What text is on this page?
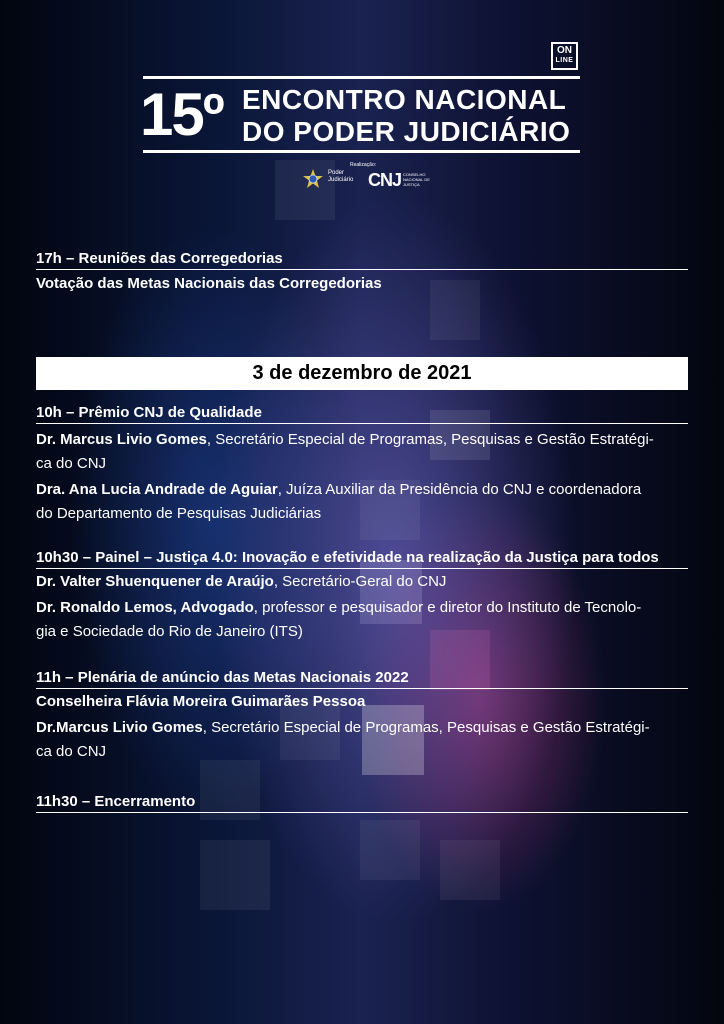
ON
LINE
15º ENCONTRO NACIONAL
DO PODER JUDICIÁRIO
Poder Judiciário
Realização:
CNJ CONSELHO NACIONAL DE JUSTIÇA
17h – Reuniões das Corregedorias
Votação das Metas Nacionais das Corregedorias
3 de dezembro de 2021
10h – Prêmio CNJ de Qualidade
Dr. Marcus Livio Gomes, Secretário Especial de Programas, Pesquisas e Gestão Estratégi-
ca do CNJ
Dra. Ana Lucia Andrade de Aguiar, Juíza Auxiliar da Presidência do CNJ e coordenadora
do Departamento de Pesquisas Judiciárias
10h30 – Painel – Justiça 4.0: Inovação e efetividade na realização da Justiça para todos
Dr. Valter Shuenquener de Araújo, Secretário-Geral do CNJ
Dr. Ronaldo Lemos, Advogado, professor e pesquisador e diretor do Instituto de Tecnolo-
gia e Sociedade do Rio de Janeiro (ITS)
11h – Plenária de anúncio das Metas Nacionais 2022
Conselheira Flávia Moreira Guimarães Pessoa
Dr.Marcus Livio Gomes, Secretário Especial de Programas, Pesquisas e Gestão Estratégi-
ca do CNJ
11h30 – Encerramento
